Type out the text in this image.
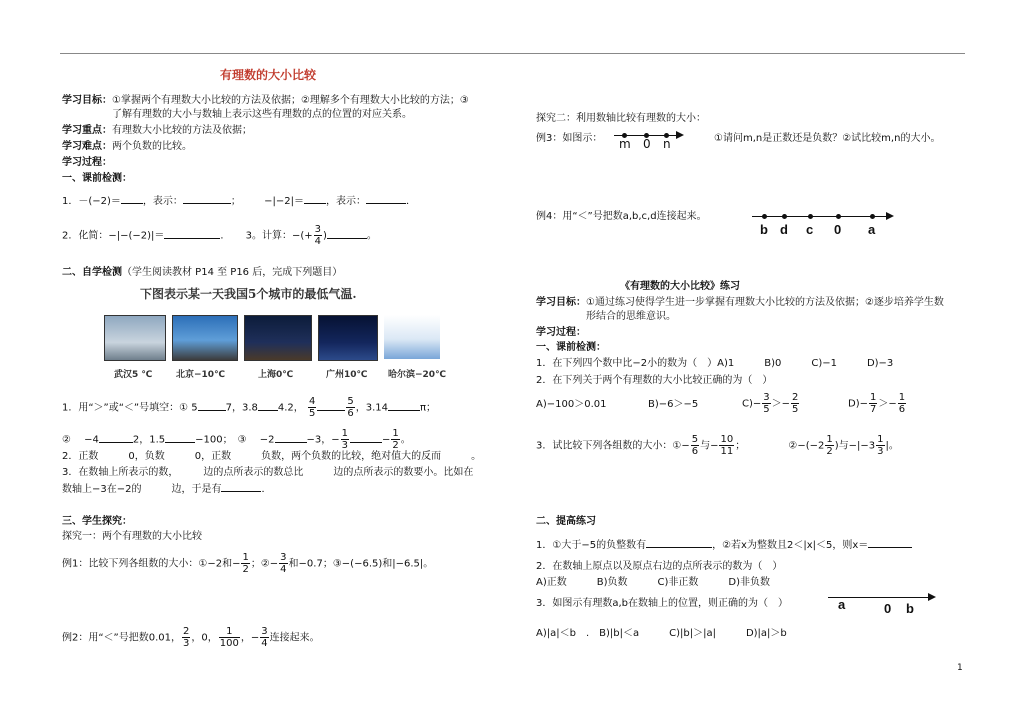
有理数的大小比较
学习目标：①掌握两个有理数大小比较的方法及依据；②理解多个有理数大小比较的方法；③
了解有理数的大小与数轴上表示这些有理数的点的位置的对应关系。
学习重点：有理数大小比较的方法及依据；
学习难点：两个负数的比较。
学习过程：
一、课前检测：
1．－(−2)＝ ，表示：	； −|−2|＝ ，表示：	．
2．化简：−|−(−2)|＝	． 3。计算：−(+ $\frac{3}{4}$ )	。
二、自学检测（学生阅读教材 P14 至 P16 后，完成下列题目）
下图表示某一天我国5个城市的最低气温.
武汉5 ℃	北京−10℃	上海0℃	广州10℃ 哈尔滨−20℃
1．用“＞”或“＜”号填空：① 5	7，3.8 4.2， $\frac{4}{5}$	$\frac{5}{6}$ ，3.14	π；
②　 −4	2，1.5	−100；　③　 −2	−3，− $\frac{1}{3}$	− $\frac{1}{2}$ 。
2．正数　　　0，负数　　　0，正数　　　负数，两个负数的比较，绝对值大的反而　　　。
3．在数轴上所表示的数，　　　边的点所表示的数总比　　　边的点所表示的数要小。比如在
数轴上−3在−2的　　　边，于是有	．
三、学生探究：
探究一：两个有理数的大小比较
例1：比较下列各组数的大小：①−2和− $\frac{1}{2}$ ；②− $\frac{3}{4}$ 和−0.7；③−(−6.5)和|−6.5|。
例2：用“＜”号把数0.01， $\frac{2}{3}$ ，0， $\frac{1}{100}$ ，− $\frac{3}{4}$ 连接起来。
探究二：利用数轴比较有理数的大小：
例3：如图示： m 0 n	①请问m,n是正数还是负数？②试比较m,n的大小。
例4：用“＜”号把数a,b,c,d连接起来。
b d c 0 a
《有理数的大小比较》练习
学习目标：①通过练习使得学生进一步掌握有理数大小比较的方法及依据；②逐步培养学生数
形结合的思维意识。
学习过程：
一、课前检测：
1．在下列四个数中比−2小的数为（　）A)1　　　B)0　　　C)−1　　　D)−3
2．在下列关于两个有理数的大小比较正确的为（　）
A)−100＞0.01	B)−6＞−5	$C)- \frac{3}{5} >- \frac{2}{5}$	$D)- \frac{1}{7} >- \frac{1}{6}$
3．试比较下列各组数的大小：①− $\frac{5}{6}$ 与− $\frac{10}{11}$ ；	②−(−2 $\frac{1}{2}$ )与$-|-3 \frac{1}{3}$ |。
二、提高练习
1．①大于−5的负整数有	，②若x为整数且2＜|x|＜5，则x＝
2．在数轴上原点以及原点右边的点所表示的数为（　）
A)正数　　　B)负数　　　C)非正数　　　D)非负数
3．如图示有理数a,b在数轴上的位置，则正确的为（　）	a	0 b
A)|a|＜b　.　B)|b|＜a　　　C)|b|＞|a|　　　D)|a|＞b
1
